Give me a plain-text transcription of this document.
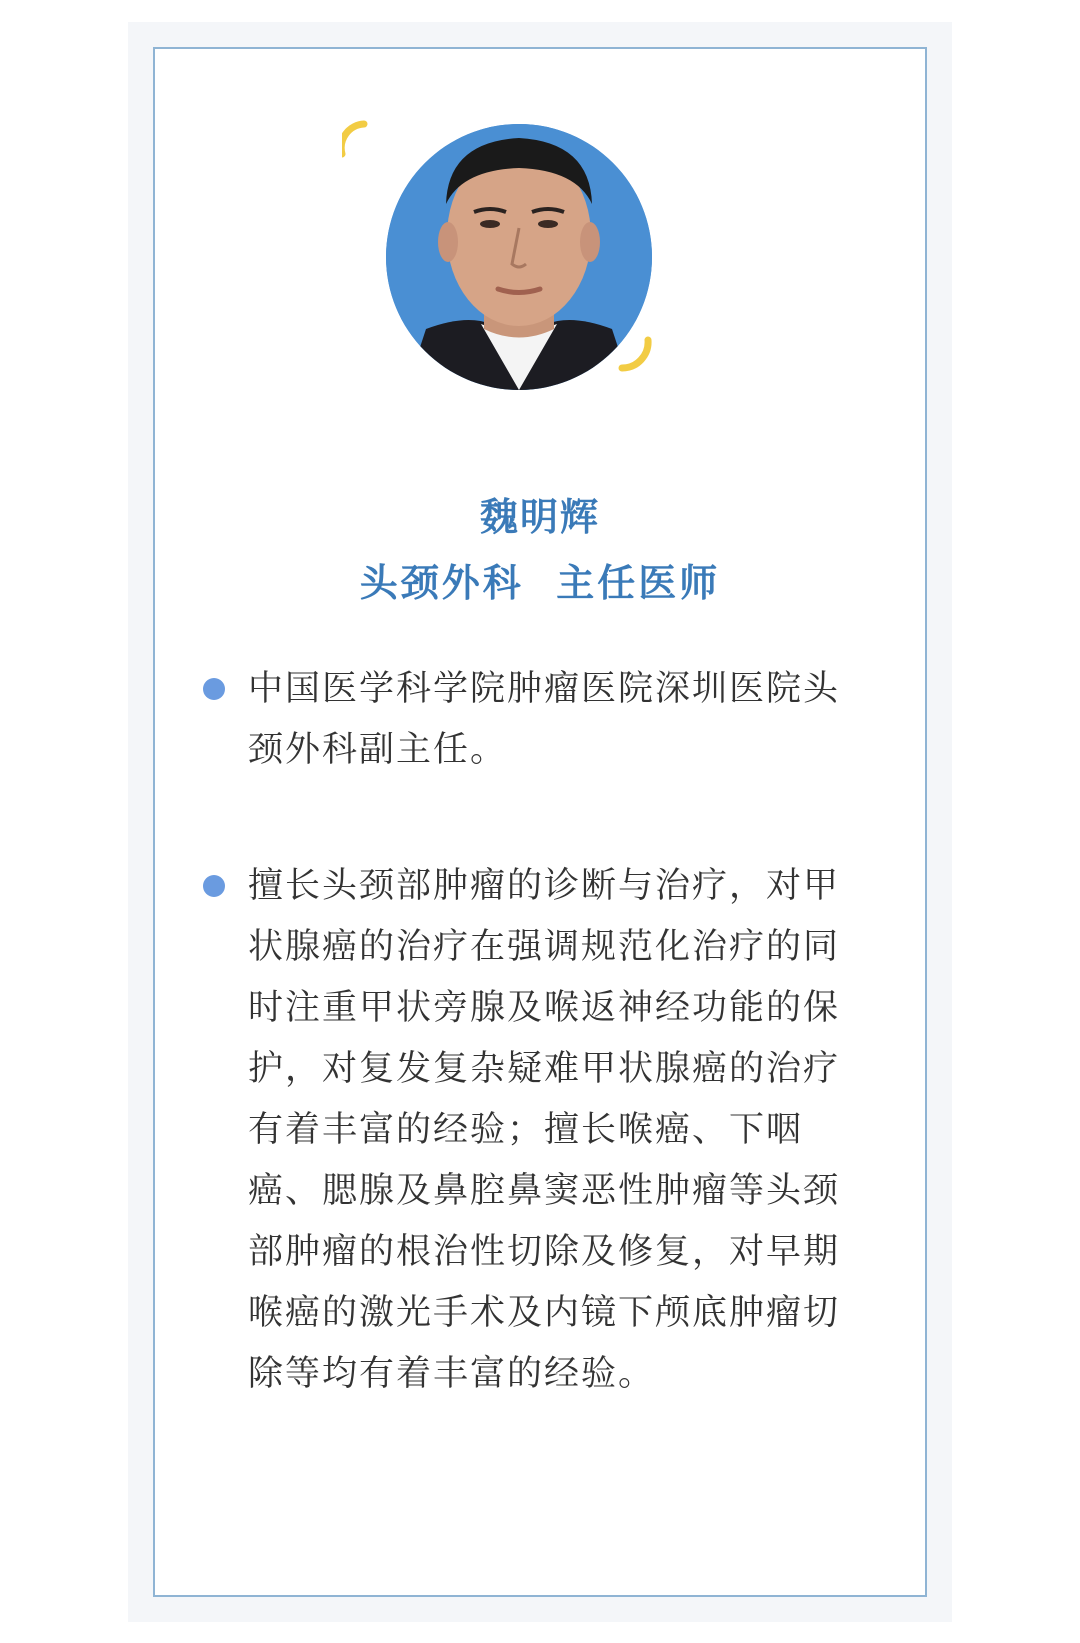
魏明辉
头颈外科  主任医师
中国医学科学院肿瘤医院深圳医院头颈外科副主任。
擅长头颈部肿瘤的诊断与治疗，对甲状腺癌的治疗在强调规范化治疗的同时注重甲状旁腺及喉返神经功能的保护，对复发复杂疑难甲状腺癌的治疗有着丰富的经验；擅长喉癌、下咽癌、腮腺及鼻腔鼻窦恶性肿瘤等头颈部肿瘤的根治性切除及修复，对早期喉癌的激光手术及内镜下颅底肿瘤切除等均有着丰富的经验。
